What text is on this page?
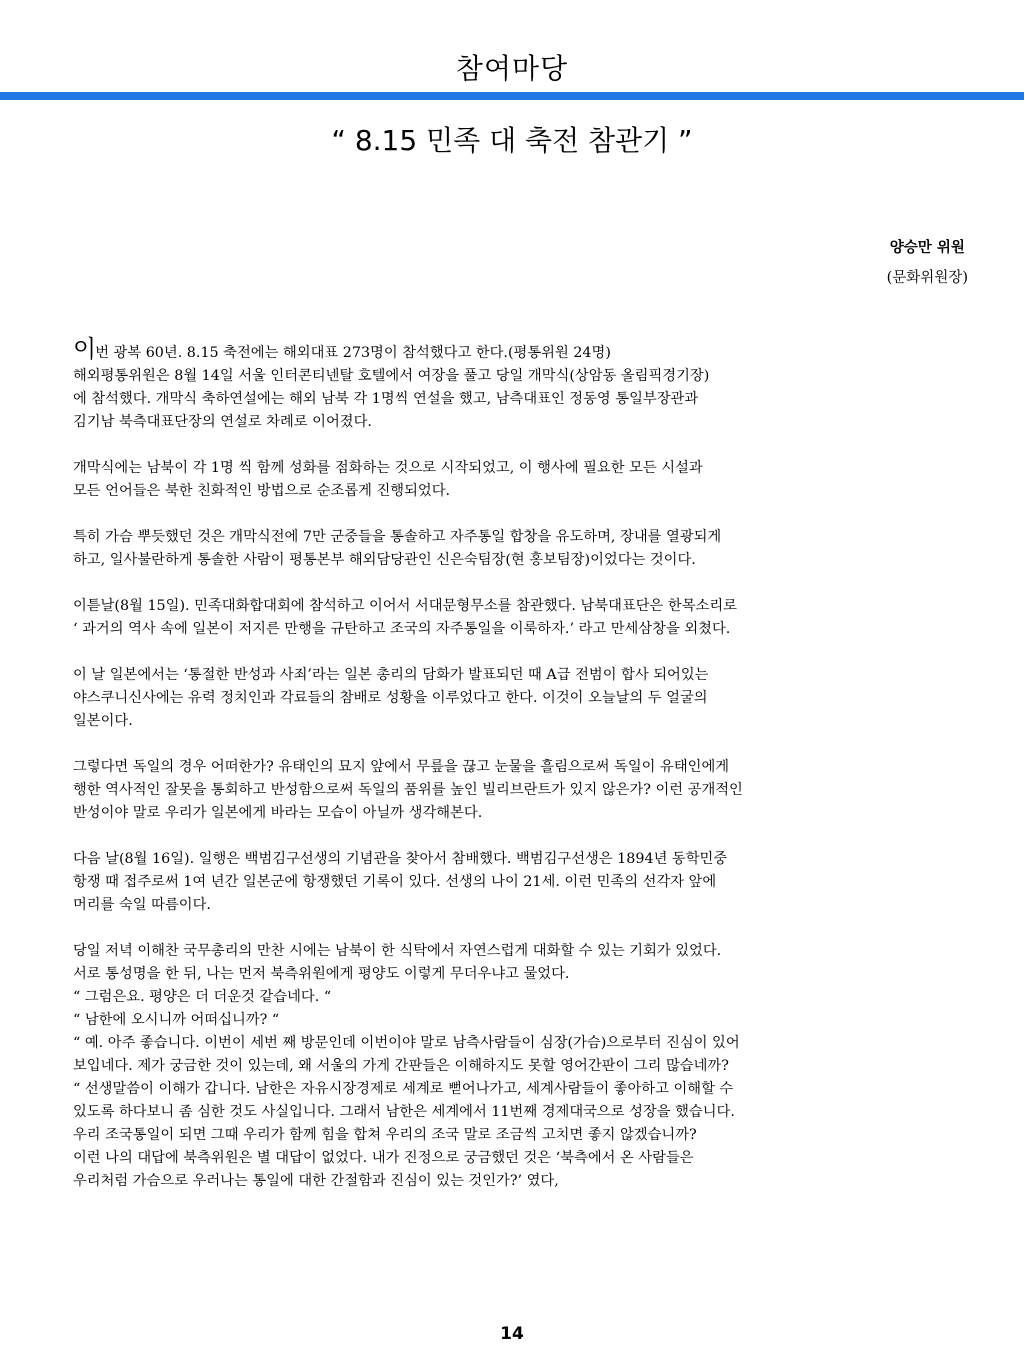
참여마당
“ 8.15 민족 대 축전 참관기 ”
양승만 위원
(문화위원장)
이번 광복 60년. 8.15 축전에는 해외대표 273명이 참석했다고 한다.(평통위원 24명)
해외평통위원은 8월 14일 서울 인터콘티넨탈 호텔에서 여장을 풀고 당일 개막식(상암동 올림픽경기장)
에 참석했다. 개막식 축하연설에는 해외 남북 각 1명씩 연설을 했고, 남측대표인 정동영 통일부장관과
김기남 북측대표단장의 연설로 차례로 이어졌다.
개막식에는 남북이 각 1명 씩 함께 성화를 점화하는 것으로 시작되었고, 이 행사에 필요한 모든 시설과
모든 언어들은 북한 친화적인 방법으로 순조롭게 진행되었다.
특히 가슴 뿌듯했던 것은 개막식전에 7만 군중들을 통솔하고 자주통일 합창을 유도하며, 장내를 열광되게
하고, 일사불란하게 통솔한 사람이 평통본부 해외담당관인 신은숙팀장(현 홍보팀장)이었다는 것이다.
이튿날(8월 15일). 민족대화합대회에 참석하고 이어서 서대문형무소를 참관했다. 남북대표단은 한목소리로
‘ 과거의 역사 속에 일본이 저지른 만행을 규탄하고 조국의 자주통일을 이룩하자.’ 라고 만세삼창을 외쳤다.
이 날 일본에서는 ‘통절한 반성과 사죄’라는 일본 총리의 담화가 발표되던 때 A급 전범이 합사 되어있는
야스쿠니신사에는 유력 정치인과 각료들의 참배로 성황을 이루었다고 한다. 이것이 오늘날의 두 얼굴의
일본이다.
그렇다면 독일의 경우 어떠한가? 유태인의 묘지 앞에서 무릎을 끊고 눈물을 흘림으로써 독일이 유태인에게
행한 역사적인 잘못을 통회하고 반성함으로써 독일의 품위를 높인 빌리브란트가 있지 않은가? 이런 공개적인
반성이야 말로 우리가 일본에게 바라는 모습이 아닐까 생각해본다.
다음 날(8월 16일). 일행은 백범김구선생의 기념관을 찾아서 참배했다. 백범김구선생은 1894년 동학민중
항쟁 때 접주로써 1여 년간 일본군에 항쟁했던 기록이 있다. 선생의 나이 21세. 이런 민족의 선각자 앞에
머리를 숙일 따름이다.
당일 저녁 이해찬 국무총리의 만찬 시에는 남북이 한 식탁에서 자연스럽게 대화할 수 있는 기회가 있었다.
서로 통성명을 한 뒤, 나는 먼저 북측위원에게 평양도 이렇게 무더우냐고 물었다.
“ 그럼은요. 평양은 더 더운것 같습네다. “
“ 남한에 오시니까 어떠십니까? “
“ 예. 아주 좋습니다. 이번이 세번 째 방문인데 이번이야 말로 남측사람들이 심장(가슴)으로부터 진심이 있어
보입네다. 제가 궁금한 것이 있는데, 왜 서울의 가게 간판들은 이해하지도 못할 영어간판이 그리 많습네까?
“ 선생말씀이 이해가 갑니다. 남한은 자유시장경제로 세계로 뻗어나가고, 세계사람들이 좋아하고 이해할 수
있도록 하다보니 좀 심한 것도 사실입니다. 그래서 남한은 세계에서 11번째 경제대국으로 성장을 했습니다.
우리 조국통일이 되면 그때 우리가 함께 힘을 합쳐 우리의 조국 말로 조금씩 고치면 좋지 않겠습니까?
이런 나의 대답에 북측위원은 별 대답이 없었다. 내가 진정으로 궁금했던 것은 ‘북측에서 온 사람들은
우리처럼 가슴으로 우러나는 통일에 대한 간절함과 진심이 있는 것인가?’ 였다,
14
